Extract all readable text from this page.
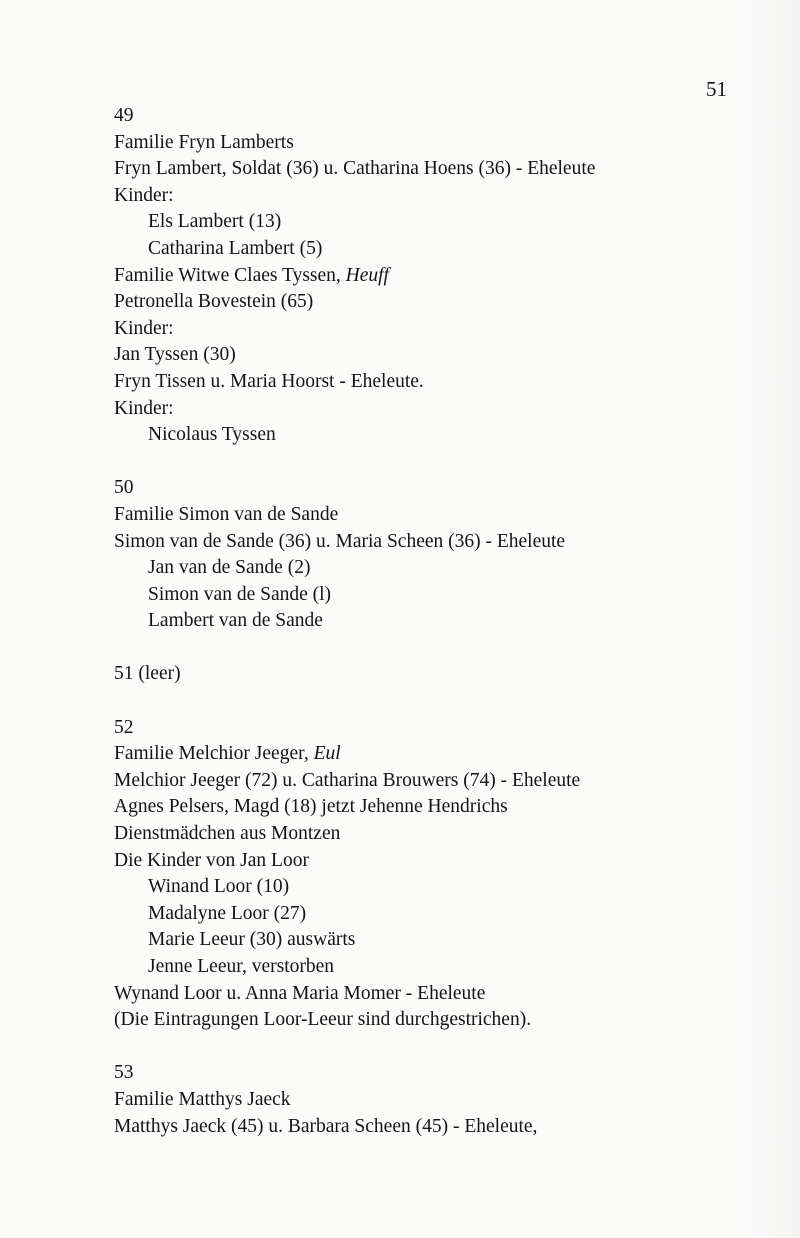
51
49
Familie Fryn Lamberts
Fryn Lambert, Soldat (36) u. Catharina Hoens (36) - Eheleute
Kinder:
Els Lambert (13)
Catharina Lambert (5)
Familie Witwe Claes Tyssen, Heuff
Petronella Bovestein (65)
Kinder:
Jan Tyssen (30)
Fryn Tissen u. Maria Hoorst - Eheleute.
Kinder:
Nicolaus Tyssen
50
Familie Simon van de Sande
Simon van de Sande (36) u. Maria Scheen (36) - Eheleute
Jan van de Sande (2)
Simon van de Sande (l)
Lambert van de Sande
51 (leer)
52
Familie Melchior Jeeger, Eul
Melchior Jeeger (72) u. Catharina Brouwers (74) - Eheleute
Agnes Pelsers, Magd (18) jetzt Jehenne Hendrichs
Dienstmädchen aus Montzen
Die Kinder von Jan Loor
Winand Loor (10)
Madalyne Loor (27)
Marie Leeur (30) auswärts
Jenne Leeur, verstorben
Wynand Loor u. Anna Maria Momer - Eheleute
(Die Eintragungen Loor-Leeur sind durchgestrichen).
53
Familie Matthys Jaeck
Matthys Jaeck (45) u. Barbara Scheen (45) - Eheleute,
